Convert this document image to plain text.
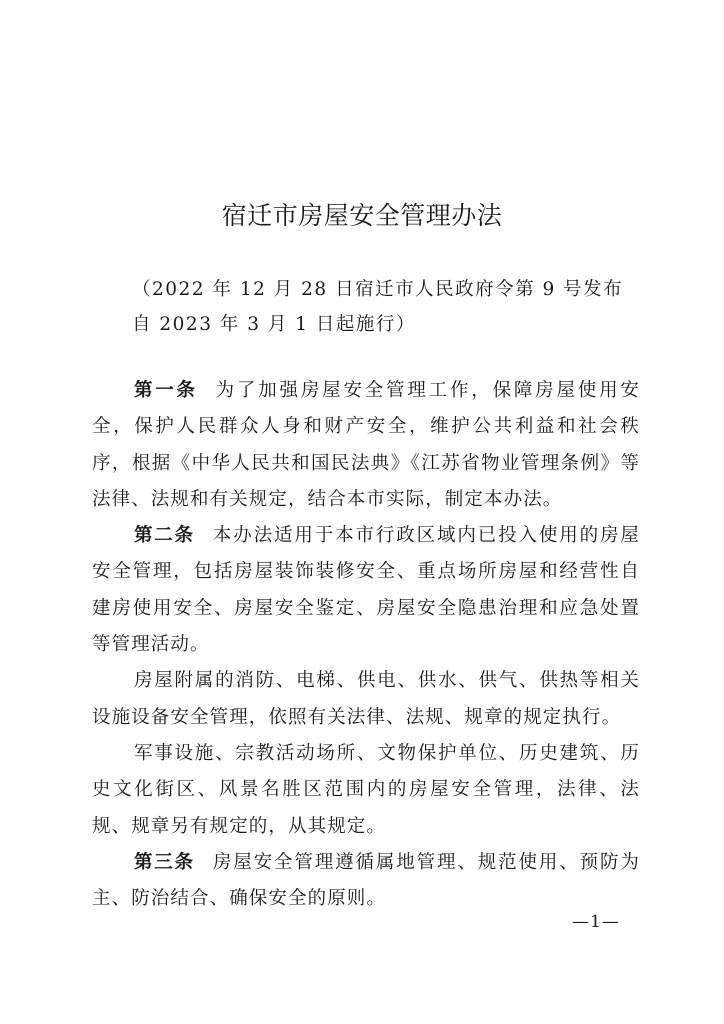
宿迁市房屋安全管理办法
（2022 年 12 月 28 日宿迁市人民政府令第 9 号发布
自 2023 年 3 月 1 日起施行）

第一条 为了加强房屋安全管理工作，保障房屋使用安全，保护人民群众人身和财产安全，维护公共利益和社会秩序，根据《中华人民共和国民法典》《江苏省物业管理条例》等法律、法规和有关规定，结合本市实际，制定本办法。

第二条 本办法适用于本市行政区域内已投入使用的房屋安全管理，包括房屋装饰装修安全、重点场所房屋和经营性自建房使用安全、房屋安全鉴定、房屋安全隐患治理和应急处置等管理活动。

房屋附属的消防、电梯、供电、供水、供气、供热等相关设施设备安全管理，依照有关法律、法规、规章的规定执行。

军事设施、宗教活动场所、文物保护单位、历史建筑、历史文化街区、风景名胜区范围内的房屋安全管理，法律、法规、规章另有规定的，从其规定。

第三条 房屋安全管理遵循属地管理、规范使用、预防为主、防治结合、确保安全的原则。

—1—
